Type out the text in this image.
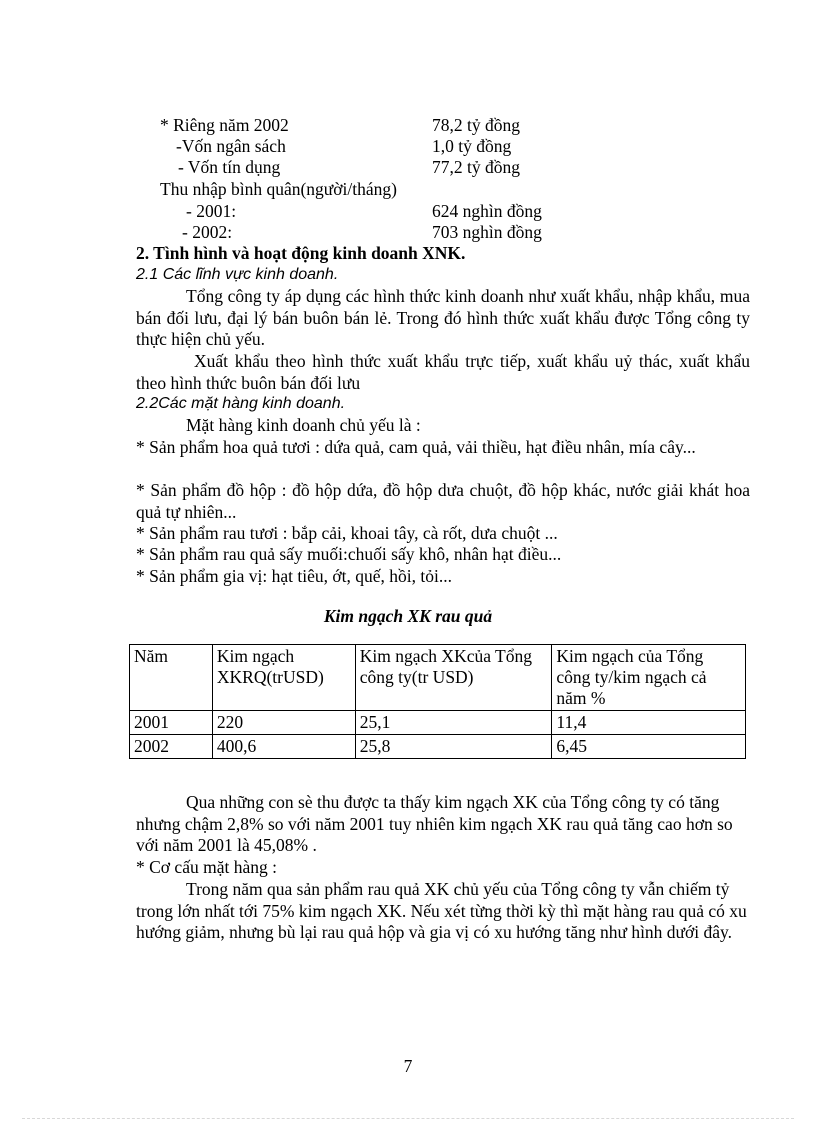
* Riêng năm 2002	78,2 tỷ đồng
-Vốn ngân sách	1,0 tỷ đồng
- Vốn tín dụng	77,2 tỷ đồng
Thu nhập bình quân(người/tháng)
- 2001:	624 nghìn đồng
- 2002:	703 nghìn đồng
2. Tình hình và hoạt động kinh doanh XNK.
2.1 Các lĩnh vực kinh doanh.
Tổng công ty áp dụng các hình thức kinh doanh như xuất khẩu, nhập khẩu, mua bán đối lưu, đại lý bán buôn bán lẻ. Trong đó hình thức xuất khẩu được Tổng công ty thực hiện chủ yếu.
Xuất khẩu theo hình thức xuất khẩu trực tiếp, xuất khẩu uỷ thác, xuất khẩu theo hình thức buôn bán đối lưu
2.2Các mặt hàng kinh doanh.
Mặt hàng kinh doanh chủ yếu là :
* Sản phẩm hoa quả tươi : dứa quả, cam quả, vải thiều, hạt điều nhân, mía cây...
* Sản phẩm đồ hộp : đồ hộp dứa, đồ hộp dưa chuột, đồ hộp khác, nước giải khát hoa quả tự nhiên...
* Sản phẩm rau tươi : bắp cải, khoai tây, cà rốt, dưa chuột ...
* Sản phẩm rau quả sấy muối:chuối sấy khô, nhân hạt điều...
* Sản phẩm gia vị: hạt tiêu, ớt, quế, hồi, tỏi...
Kim ngạch XK rau quả
Năm	Kim ngạch XKRQ(trUSD)	Kim ngạch XKcủa Tổng công ty(tr USD)	Kim ngạch của Tổng công ty/kim ngạch cả năm %
2001	220	25,1	11,4
2002	400,6	25,8	6,45
Qua những con sè thu được ta thấy kim ngạch XK của Tổng công ty có tăng nhưng chậm 2,8% so với năm 2001 tuy nhiên kim ngạch XK rau quả tăng cao hơn so với năm 2001 là 45,08% .
* Cơ cấu mặt hàng :
Trong năm qua sản phẩm rau quả XK chủ yếu của Tổng công ty vẫn chiếm tỷ trong lớn nhất tới 75% kim ngạch XK. Nếu xét từng thời kỳ thì mặt hàng rau quả có xu hướng giảm, nhưng bù lại rau quả hộp và gia vị có xu hướng tăng như hình dưới đây.
7
